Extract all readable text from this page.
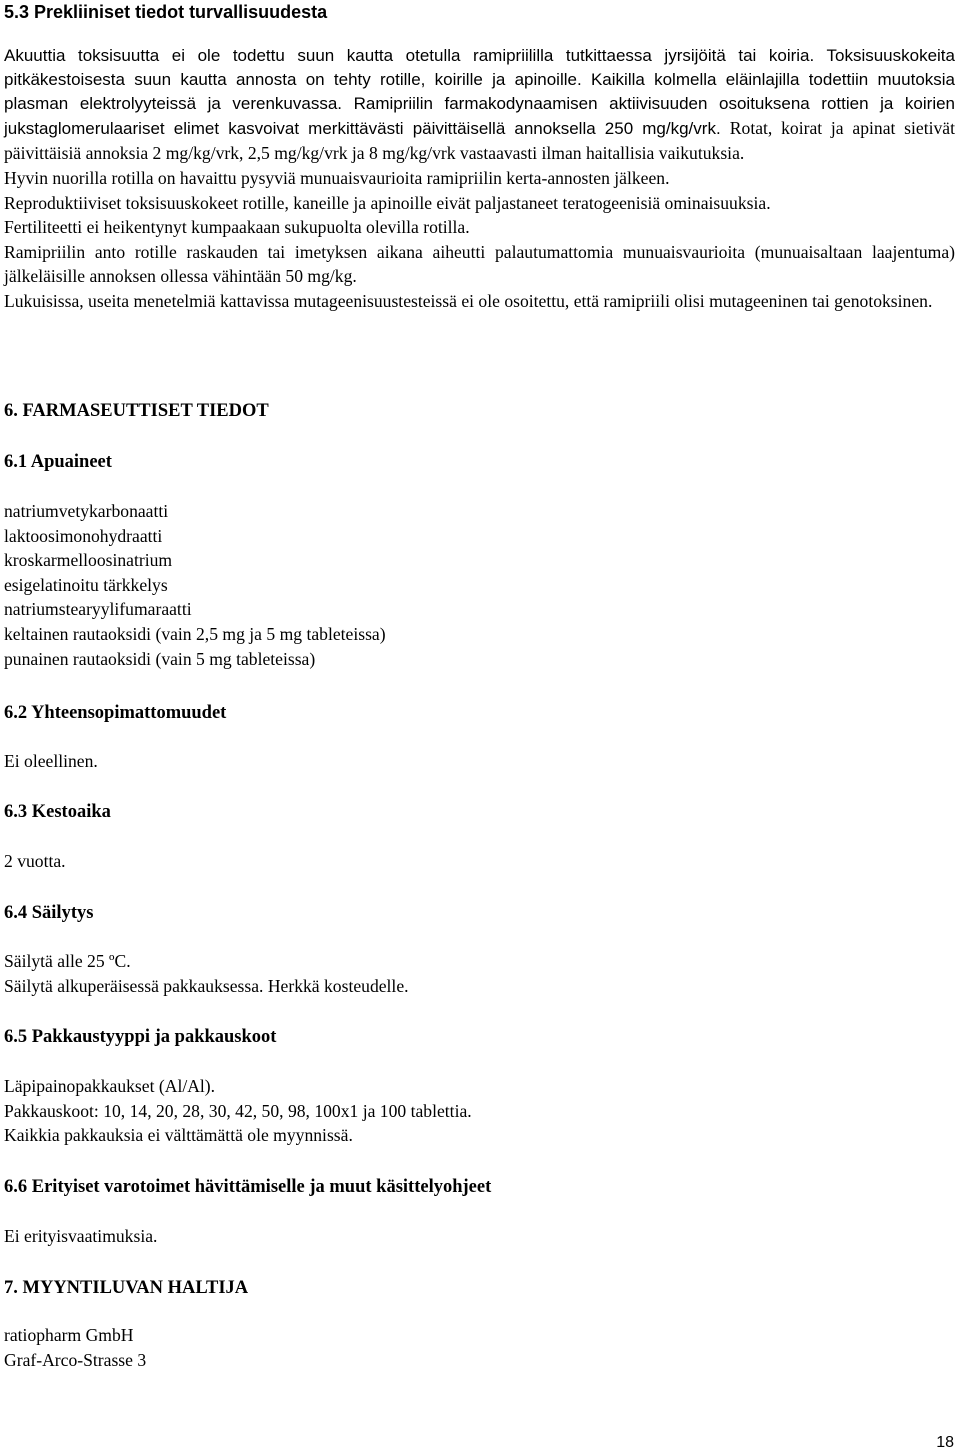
5.3 Prekliiniset tiedot turvallisuudesta

Akuuttia toksisuutta ei ole todettu suun kautta otetulla ramipriililla tutkittaessa jyrsijöitä tai koiria. Toksisuuskokeita pitkäkestoisesta suun kautta annosta on tehty rotille, koirille ja apinoille. Kaikilla kolmella eläinlajilla todettiin muutoksia plasman elektrolyyteissä ja verenkuvassa. Ramipriilin farmakodynaamisen aktiivisuuden osoituksena rottien ja koirien jukstaglomerulaariset elimet kasvoivat merkittävästi päivittäisellä annoksella 250 mg/kg/vrk. Rotat, koirat ja apinat sietivät päivittäisiä annoksia 2 mg/kg/vrk, 2,5 mg/kg/vrk ja 8 mg/kg/vrk vastaavasti ilman haitallisia vaikutuksia.

Hyvin nuorilla rotilla on havaittu pysyviä munuaisvaurioita ramipriilin kerta-annosten jälkeen.

Reproduktiiviset toksisuuskokeet rotille, kaneille ja apinoille eivät paljastaneet teratogeenisiä ominaisuuksia.

Fertiliteetti ei heikentynyt kumpaakaan sukupuolta olevilla rotilla.

Ramipriilin anto rotille raskauden tai imetyksen aikana aiheutti palautumattomia munuaisvaurioita (munuaisaltaan laajentuma) jälkeläisille annoksen ollessa vähintään 50 mg/kg.

Lukuisissa, useita menetelmiä kattavissa mutageenisuustesteissä ei ole osoitettu, että ramipriili olisi mutageeninen tai genotoksinen.

6. FARMASEUTTISET TIEDOT
6.1 Apuaineet
natriumvetykarbonaatti
laktoosimonohydraatti
kroskarmelloosinatrium
esigelatinoitu tärkkelys
natriumstearyylifumaraatti
keltainen rautaoksidi (vain 2,5 mg ja 5 mg tableteissa)
punainen rautaoksidi (vain 5 mg tableteissa)
6.2 Yhteensopimattomuudet
Ei oleellinen.
6.3 Kestoaika
2 vuotta.
6.4 Säilytys
Säilytä alle 25 ºC.
Säilytä alkuperäisessä pakkauksessa. Herkkä kosteudelle.
6.5 Pakkaustyyppi ja pakkauskoot
Läpipainopakkaukset (Al/Al).
Pakkauskoot: 10, 14, 20, 28, 30, 42, 50, 98, 100x1 ja 100 tablettia.
Kaikkia pakkauksia ei välttämättä ole myynnissä.
6.6 Erityiset varotoimet hävittämiselle ja muut käsittelyohjeet
Ei erityisvaatimuksia.
7. MYYNTILUVAN HALTIJA
ratiopharm GmbH
Graf-Arco-Strasse 3
18
